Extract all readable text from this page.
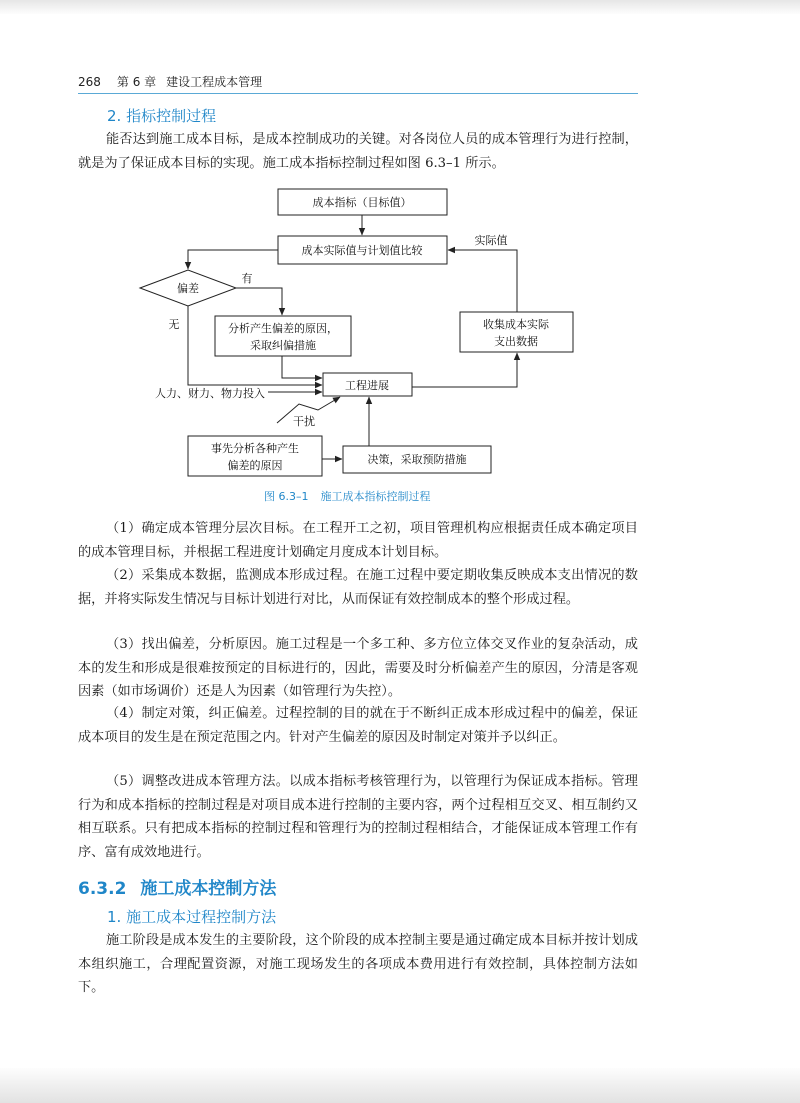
268 第 6 章 建设工程成本管理
2. 指标控制过程

能否达到施工成本目标，是成本控制成功的关键。对各岗位人员的成本管理行为进行控制，就是为了保证成本目标的实现。施工成本指标控制过程如图 6.3–1 所示。

成本指标（目标值）
成本实际值与计划值比较
实际值
偏差
有
无	分析产生偏差的原因，
采取纠偏措施
收集成本实际
支出数据
工程进展
人力、财力、物力投入
干扰
事先分析各种产生
偏差的原因	决策，采取预防措施
图 6.3–1 施工成本指标控制过程

（1）确定成本管理分层次目标。在工程开工之初，项目管理机构应根据责任成本确定项目的成本管理目标，并根据工程进度计划确定月度成本计划目标。

（2）采集成本数据，监测成本形成过程。在施工过程中要定期收集反映成本支出情况的数据，并将实际发生情况与目标计划进行对比，从而保证有效控制成本的整个形成过程。

（3）找出偏差，分析原因。施工过程是一个多工种、多方位立体交叉作业的复杂活动，成本的发生和形成是很难按预定的目标进行的，因此，需要及时分析偏差产生的原因，分清是客观因素（如市场调价）还是人为因素（如管理行为失控）。

（4）制定对策，纠正偏差。过程控制的目的就在于不断纠正成本形成过程中的偏差，保证成本项目的发生是在预定范围之内。针对产生偏差的原因及时制定对策并予以纠正。

（5）调整改进成本管理方法。以成本指标考核管理行为，以管理行为保证成本指标。管理行为和成本指标的控制过程是对项目成本进行控制的主要内容，两个过程相互交叉、相互制约又相互联系。只有把成本指标的控制过程和管理行为的控制过程相结合，才能保证成本管理工作有序、富有成效地进行。

6.3.2 施工成本控制方法
1. 施工成本过程控制方法

施工阶段是成本发生的主要阶段，这个阶段的成本控制主要是通过确定成本目标并按计划成本组织施工，合理配置资源，对施工现场发生的各项成本费用进行有效控制，具体控制方法如下。
